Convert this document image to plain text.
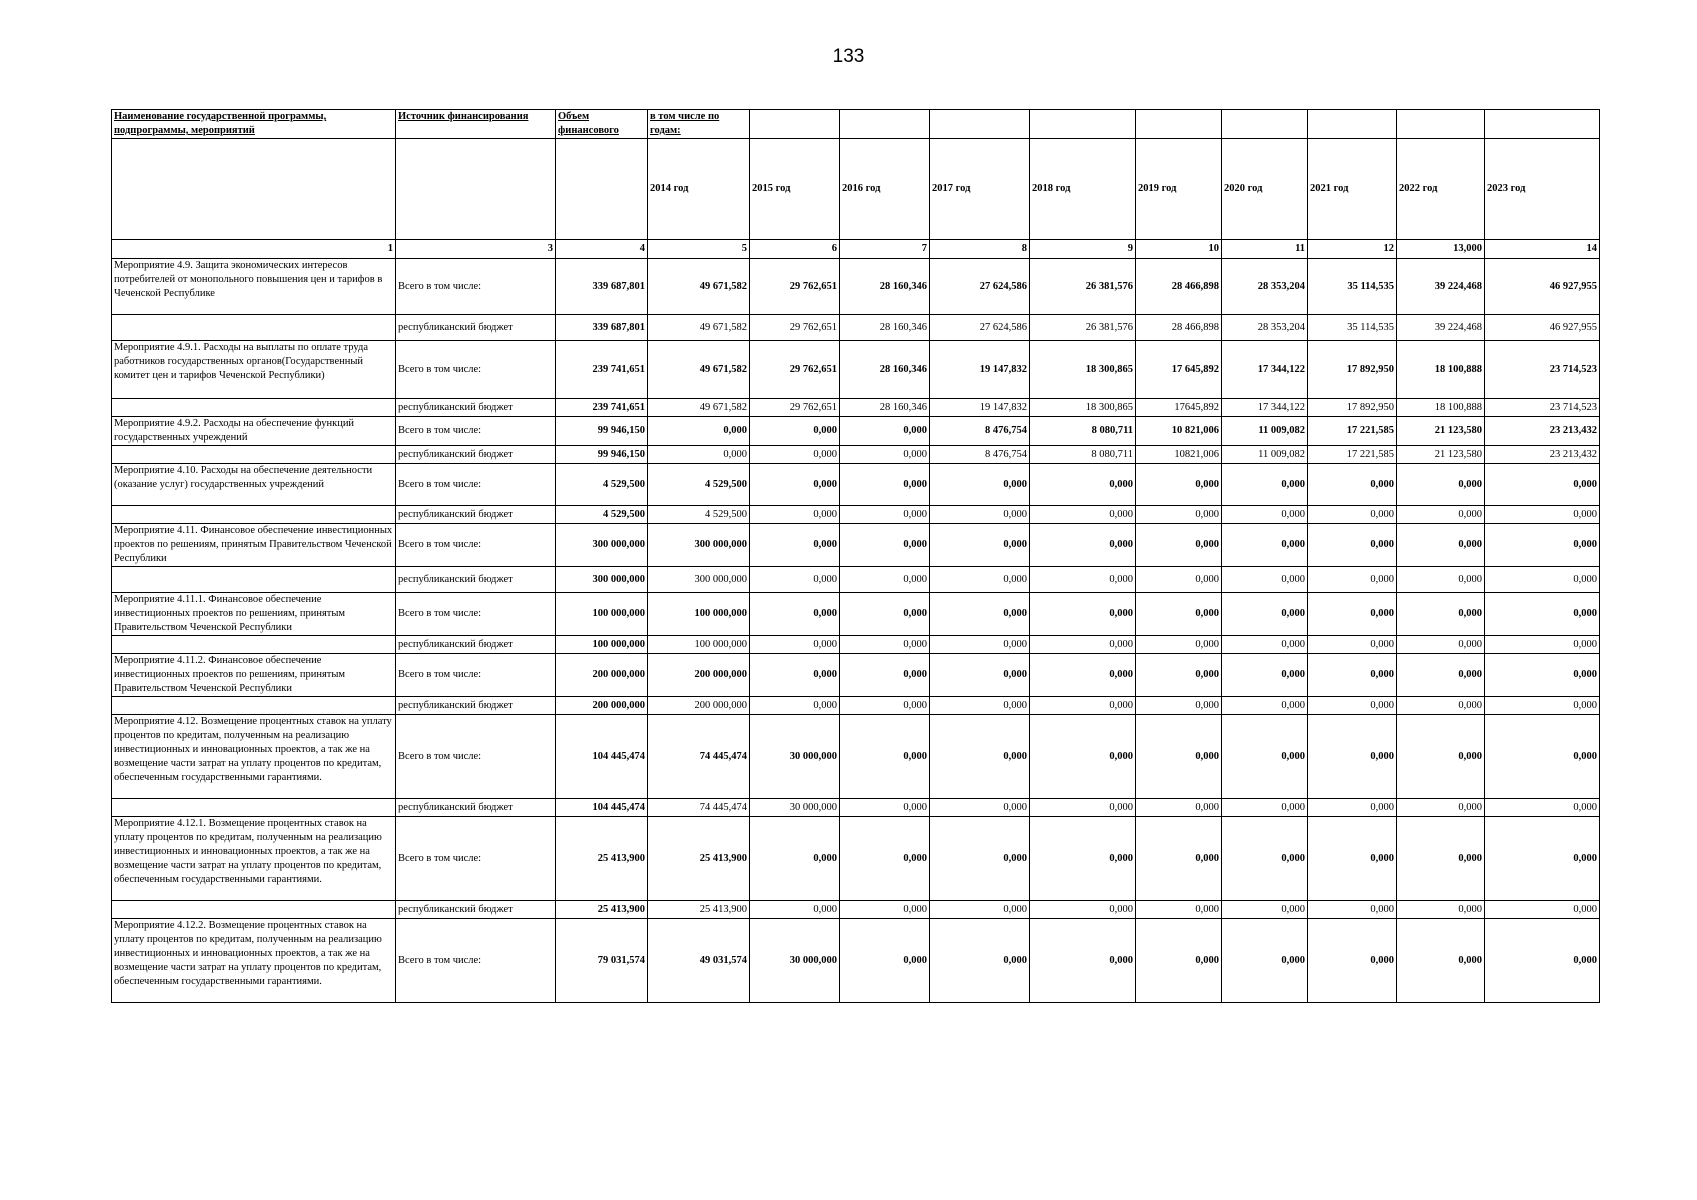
133
Наименование государственной программы, подпрограммы, мероприятий	Источник финансирования	Объем финансового	в том числе по годам:									
			2014 год	2015 год	2016 год	2017 год	2018 год	2019 год	2020 год	2021 год	2022 год	2023 год
1	3	4	5	6	7	8	9	10	11	12	13,000	14
Мероприятие 4.9. Защита экономических интересов потребителей от монопольного повышения цен и тарифов в Чеченской Республике	Всего в том числе:	339 687,801	49 671,582	29 762,651	28 160,346	27 624,586	26 381,576	28 466,898	28 353,204	35 114,535	39 224,468	46 927,955
	республиканский бюджет	339 687,801	49 671,582	29 762,651	28 160,346	27 624,586	26 381,576	28 466,898	28 353,204	35 114,535	39 224,468	46 927,955
Мероприятие 4.9.1. Расходы на выплаты по оплате труда работников государственных органов(Государственный комитет цен и тарифов Чеченской Республики)	Всего в том числе:	239 741,651	49 671,582	29 762,651	28 160,346	19 147,832	18 300,865	17 645,892	17 344,122	17 892,950	18 100,888	23 714,523
	республиканский бюджет	239 741,651	49 671,582	29 762,651	28 160,346	19 147,832	18 300,865	17645,892	17 344,122	17 892,950	18 100,888	23 714,523
Мероприятие 4.9.2. Расходы на обеспечение функций государственных учреждений	Всего в том числе:	99 946,150	0,000	0,000	0,000	8 476,754	8 080,711	10 821,006	11 009,082	17 221,585	21 123,580	23 213,432
	республиканский бюджет	99 946,150	0,000	0,000	0,000	8 476,754	8 080,711	10821,006	11 009,082	17 221,585	21 123,580	23 213,432
Мероприятие 4.10. Расходы на обеспечение деятельности (оказание услуг) государственных учреждений	Всего в том числе:	4 529,500	4 529,500	0,000	0,000	0,000	0,000	0,000	0,000	0,000	0,000	0,000
	республиканский бюджет	4 529,500	4 529,500	0,000	0,000	0,000	0,000	0,000	0,000	0,000	0,000	0,000
Мероприятие 4.11. Финансовое обеспечение инвестиционных проектов по решениям, принятым Правительством Чеченской Республики	Всего в том числе:	300 000,000	300 000,000	0,000	0,000	0,000	0,000	0,000	0,000	0,000	0,000	0,000
	республиканский бюджет	300 000,000	300 000,000	0,000	0,000	0,000	0,000	0,000	0,000	0,000	0,000	0,000
Мероприятие 4.11.1. Финансовое обеспечение инвестиционных проектов по решениям, принятым Правительством Чеченской Республики	Всего в том числе:	100 000,000	100 000,000	0,000	0,000	0,000	0,000	0,000	0,000	0,000	0,000	0,000
	республиканский бюджет	100 000,000	100 000,000	0,000	0,000	0,000	0,000	0,000	0,000	0,000	0,000	0,000
Мероприятие 4.11.2. Финансовое обеспечение инвестиционных проектов по решениям, принятым Правительством Чеченской Республики	Всего в том числе:	200 000,000	200 000,000	0,000	0,000	0,000	0,000	0,000	0,000	0,000	0,000	0,000
	республиканский бюджет	200 000,000	200 000,000	0,000	0,000	0,000	0,000	0,000	0,000	0,000	0,000	0,000
Мероприятие 4.12. Возмещение процентных ставок на уплату процентов по кредитам, полученным на реализацию инвестиционных и инновационных проектов, а так же на возмещение части затрат на уплату процентов по кредитам, обеспеченным государственными гарантиями.	Всего в том числе:	104 445,474	74 445,474	30 000,000	0,000	0,000	0,000	0,000	0,000	0,000	0,000	0,000
	республиканский бюджет	104 445,474	74 445,474	30 000,000	0,000	0,000	0,000	0,000	0,000	0,000	0,000	0,000
Мероприятие 4.12.1. Возмещение процентных ставок на уплату процентов по кредитам, полученным на реализацию инвестиционных и инновационных проектов, а так же на возмещение части затрат на уплату процентов по кредитам, обеспеченным государственными гарантиями.	Всего в том числе:	25 413,900	25 413,900	0,000	0,000	0,000	0,000	0,000	0,000	0,000	0,000	0,000
	республиканский бюджет	25 413,900	25 413,900	0,000	0,000	0,000	0,000	0,000	0,000	0,000	0,000	0,000
Мероприятие 4.12.2. Возмещение процентных ставок на уплату процентов по кредитам, полученным на реализацию инвестиционных и инновационных проектов, а так же на возмещение части затрат на уплату процентов по кредитам, обеспеченным государственными гарантиями.	Всего в том числе:	79 031,574	49 031,574	30 000,000	0,000	0,000	0,000	0,000	0,000	0,000	0,000	0,000
